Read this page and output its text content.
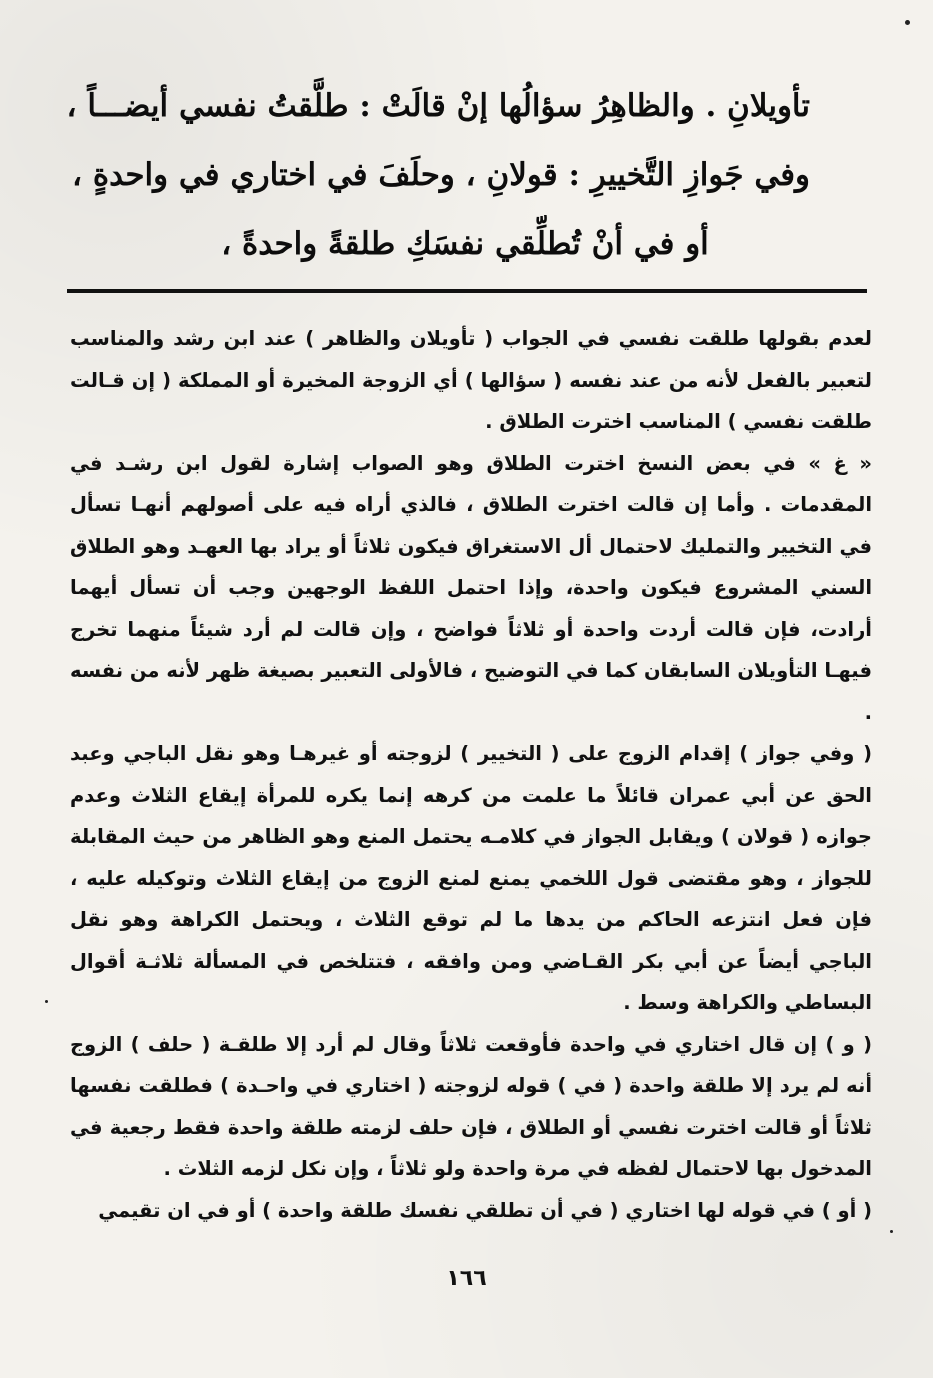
تأويلانِ . والظاهِرُ سؤالُها إنْ قالَتْ : طلَّقتُ نفسي أيضـــاً ،

وفي جَوازِ التَّخييرِ : قولانِ ، وحلَفَ في اختاري في واحدةٍ ،

أو في أنْ تُطلِّقي نفسَكِ طلقةً واحدةً ،

لعدم بقولها طلقت نفسي في الجواب ( تأويلان والظاهر ) عند ابن رشد والمناسب لتعبير بالفعل لأنه من عند نفسه ( سؤالها ) أي الزوجة المخيرة أو المملكة ( إن قـالت طلقت نفسي ) المناسب اخترت الطلاق .

« غ » في بعض النسخ اخترت الطلاق وهو الصواب إشارة لقول ابن رشـد في المقدمات . وأما إن قالت اخترت الطلاق ، فالذي أراه فيه على أصولهم أنهـا تسأل في التخيير والتمليك لاحتمال أل الاستغراق فيكون ثلاثاً أو يراد بها العهـد وهو الطلاق السني المشروع فيكون واحدة، وإذا احتمل اللفظ الوجهين وجب أن تسأل أيهما أرادت، فإن قالت أردت واحدة أو ثلاثاً فواضح ، وإن قالت لم أرد شيئاً منهما تخرج فيهـا التأويلان السابقان كما في التوضيح ، فالأولى التعبير بصيغة ظهر لأنه من نفسه .

( وفي جواز ) إقدام الزوج على ( التخيير ) لزوجته أو غيرهـا وهو نقل الباجي وعبد الحق عن أبي عمران قائلاً ما علمت من كرهه إنما يكره للمرأة إيقاع الثلاث وعدم جوازه ( قولان ) ويقابل الجواز في كلامـه يحتمل المنع وهو الظاهر من حيث المقابلة للجواز ، وهو مقتضى قول اللخمي يمنع لمنع الزوج من إيقاع الثلاث وتوكيله عليه ، فإن فعل انتزعه الحاكم من يدها ما لم توقع الثلاث ، ويحتمل الكراهة وهو نقل الباجي أيضاً عن أبي بكر القـاضي ومن وافقه ، فتتلخص في المسألة ثلاثـة أقوال البساطي والكراهة وسط .

( و ) إن قال اختاري في واحدة فأوقعت ثلاثاً وقال لم أرد إلا طلقـة ( حلف ) الزوج أنه لم يرد إلا طلقة واحدة ( في ) قوله لزوجته ( اختاري في واحـدة ) فطلقت نفسها ثلاثاً أو قالت اخترت نفسي أو الطلاق ، فإن حلف لزمته طلقة واحدة فقط رجعية في المدخول بها لاحتمال لفظه في مرة واحدة ولو ثلاثاً ، وإن نكل لزمه الثلاث .

( أو ) في قوله لها اختاري ( في أن تطلقي نفسك طلقة واحدة ) أو في ان تقيمي

١٦٦
